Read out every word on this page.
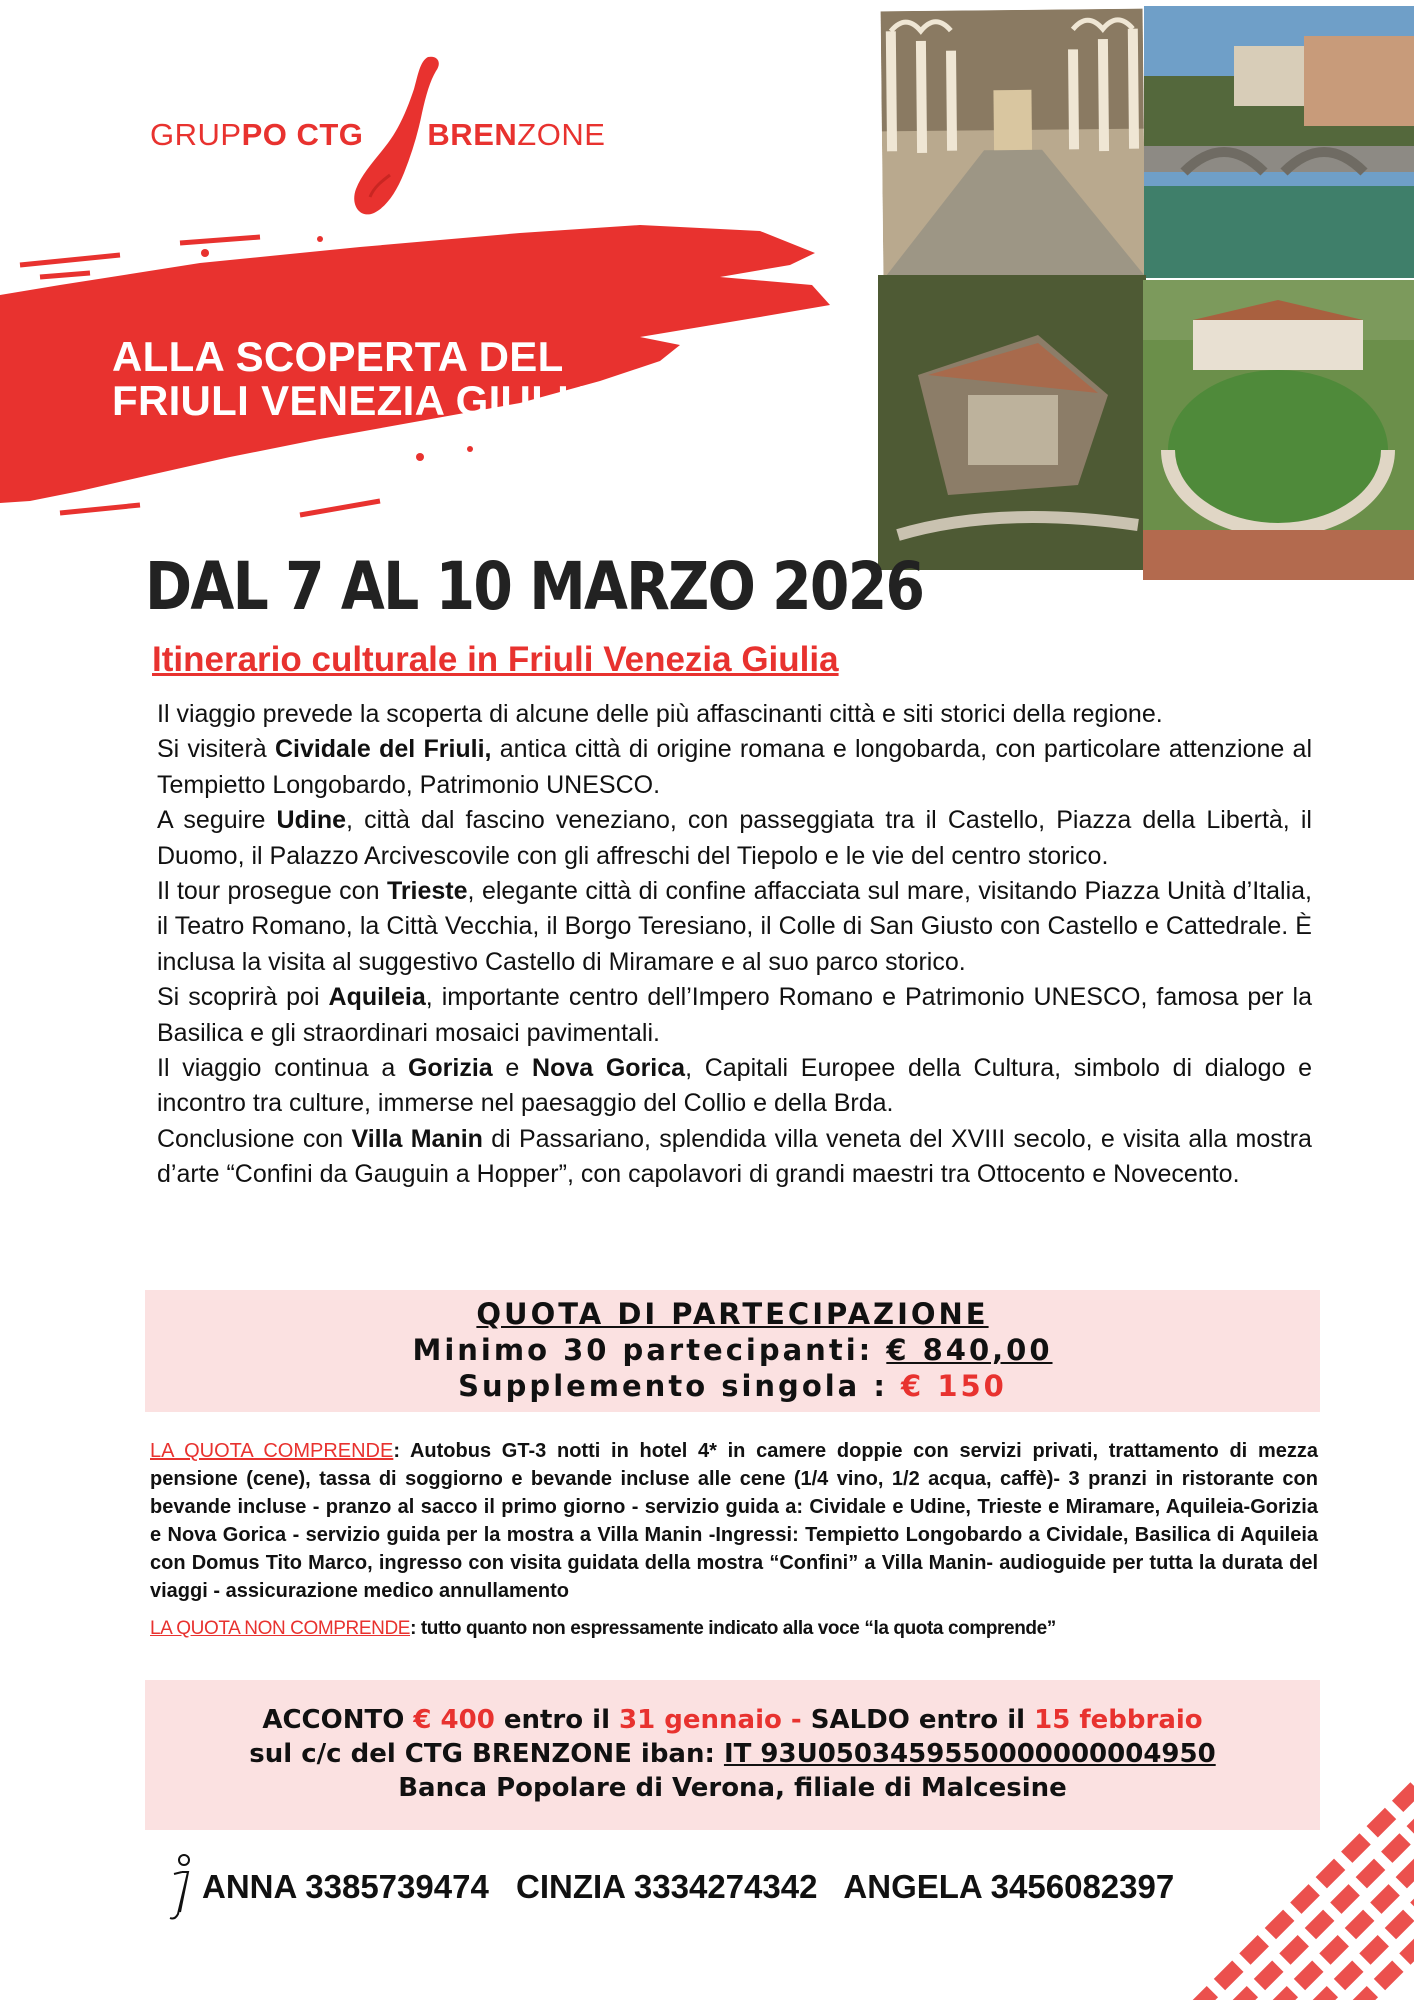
GRUPPO CTG BRENZONE
ALLA SCOPERTA DEL
FRIULI VENEZIA GIULIA
DAL 7 AL 10 MARZO 2026
Itinerario culturale in Friuli Venezia Giulia

Il viaggio prevede la scoperta di alcune delle più affascinanti città e siti storici della regione.

Si visiterà Cividale del Friuli, antica città di origine romana e longobarda, con particolare attenzione al Tempietto Longobardo, Patrimonio UNESCO.

A seguire Udine, città dal fascino veneziano, con passeggiata tra il Castello, Piazza della Libertà, il Duomo, il Palazzo Arcivescovile con gli affreschi del Tiepolo e le vie del centro storico.

Il tour prosegue con Trieste, elegante città di confine affacciata sul mare, visitando Piazza Unità d’Italia, il Teatro Romano, la Città Vecchia, il Borgo Teresiano, il Colle di San Giusto con Castello e Cattedrale. È inclusa la visita al suggestivo Castello di Miramare e al suo parco storico.

Si scoprirà poi Aquileia, importante centro dell’Impero Romano e Patrimonio UNESCO, famosa per la Basilica e gli straordinari mosaici pavimentali.

Il viaggio continua a Gorizia e Nova Gorica, Capitali Europee della Cultura, simbolo di dialogo e incontro tra culture, immerse nel paesaggio del Collio e della Brda.

Conclusione con Villa Manin di Passariano, splendida villa veneta del XVIII secolo, e visita alla mostra d’arte “Confini da Gauguin a Hopper”, con capolavori di grandi maestri tra Ottocento e Novecento.

QUOTA DI PARTECIPAZIONE
Minimo 30 partecipanti: € 840,00
Supplemento singola : € 150
LA QUOTA COMPRENDE: Autobus GT-3 notti in hotel 4* in camere doppie con servizi privati, trattamento di mezza pensione (cene), tassa di soggiorno e bevande incluse alle cene (1/4 vino, 1/2 acqua, caffè)- 3 pranzi in ristorante con bevande incluse - pranzo al sacco il primo giorno - servizio guida a: Cividale e Udine, Trieste e Miramare, Aquileia-Gorizia e Nova Gorica - servizio guida per la mostra a Villa Manin -Ingressi: Tempietto Longobardo a Cividale, Basilica di Aquileia con Domus Tito Marco, ingresso con visita guidata della mostra “Confini” a Villa Manin- audioguide per tutta la durata del viaggi - assicurazione medico annullamento
LA QUOTA NON COMPRENDE: tutto quanto non espressamente indicato alla voce “la quota comprende”
ACCONTO € 400 entro il 31 gennaio - SALDO entro il 15 febbraio
sul c/c del CTG BRENZONE iban: IT 93U0503459550000000004950
Banca Popolare di Verona, filiale di Malcesine
ANNA 3385739474 CINZIA 3334274342 ANGELA 3456082397
